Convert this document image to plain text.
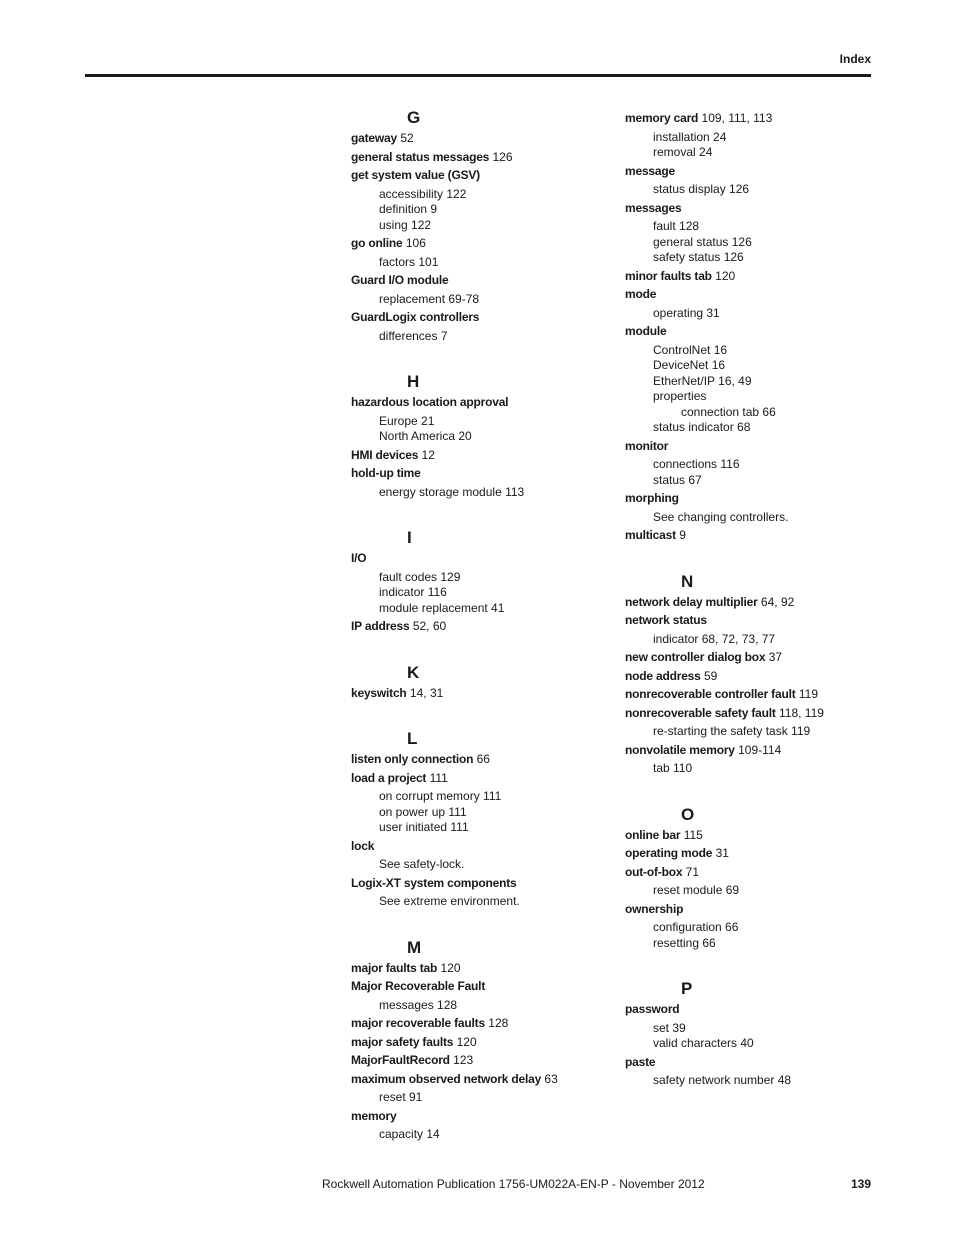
Index
G
gateway 52
general status messages 126
get system value (GSV)
accessibility 122
definition 9
using 122
go online 106
factors 101
Guard I/O module
replacement 69-78
GuardLogix controllers
differences 7
H
hazardous location approval
Europe 21
North America 20
HMI devices 12
hold-up time
energy storage module 113
I
I/O
fault codes 129
indicator 116
module replacement 41
IP address 52, 60
K
keyswitch 14, 31
L
listen only connection 66
load a project 111
on corrupt memory 111
on power up 111
user initiated 111
lock
See safety-lock.
Logix-XT system components
See extreme environment.
M
major faults tab 120
Major Recoverable Fault
messages 128
major recoverable faults 128
major safety faults 120
MajorFaultRecord 123
maximum observed network delay 63
reset 91
memory
capacity 14
memory card 109, 111, 113
installation 24
removal 24
message
status display 126
messages
fault 128
general status 126
safety status 126
minor faults tab 120
mode
operating 31
module
ControlNet 16
DeviceNet 16
EtherNet/IP 16, 49
properties
connection tab 66
status indicator 68
monitor
connections 116
status 67
morphing
See changing controllers.
multicast 9
N
network delay multiplier 64, 92
network status
indicator 68, 72, 73, 77
new controller dialog box 37
node address 59
nonrecoverable controller fault 119
nonrecoverable safety fault 118, 119
re-starting the safety task 119
nonvolatile memory 109-114
tab 110
O
online bar 115
operating mode 31
out-of-box 71
reset module 69
ownership
configuration 66
resetting 66
P
password
set 39
valid characters 40
paste
safety network number 48
Rockwell Automation Publication 1756-UM022A-EN-P - November 2012	139
